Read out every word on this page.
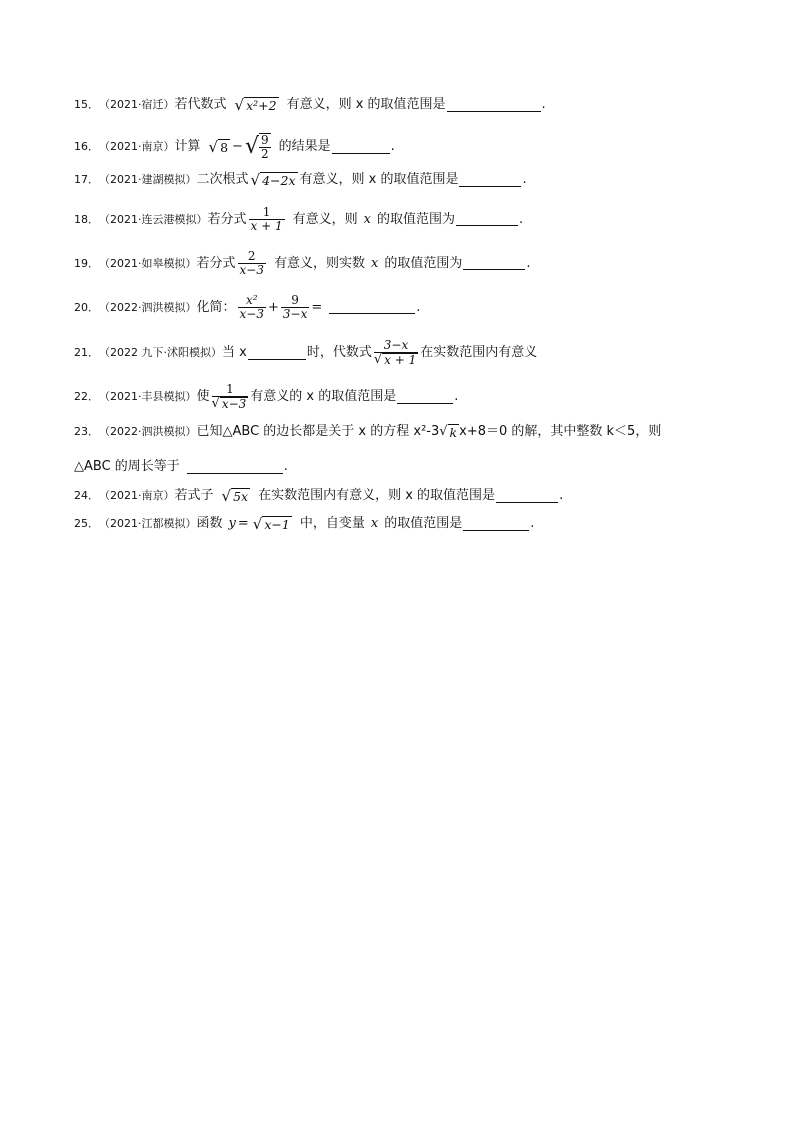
15． （2021·宿迁） 若代数式 √ x²+2 有意义，则 x 的取值范围是	.
16． （2021·南京） 计算 √ 8 − √ $\frac{9}{2}$ 的结果是	.
17． （2021·建湖模拟） 二次根式 √ 4−2x 有意义，则 x 的取值范围是	.
18． （2021·连云港模拟） 若分式 $\frac{1}{x + 1}$ 有意义，则 x 的取值范围为	.
19． （2021·如皋模拟） 若分式 $\frac{2}{x-3}$ 有意义，则实数 x 的取值范围为	.
20． （2022·泗洪模拟） 化简： $\frac{\text{x²}}{x-3} + \frac{9}{3-x}$ =	.
21． （2022 九下·沭阳模拟） 当 x	时，代数式 $\frac{3-x}{√ x + 1}$ 在实数范围内有意义
22． （2021·丰县模拟） 使 $\frac{1}{√ x-3}$ 有意义的 x 的取值范围是	.
23． （2022·泗洪模拟） 已知△ABC 的边长都是关于 x 的方程 x²-3 √ k x+8＝0 的解，其中整数 k＜5，则
△ABC 的周长等于	.
24． （2021·南京） 若式子 √ 5x 在实数范围内有意义，则 x 的取值范围是	.
25． （2021·江都模拟） 函数 y = √ x−1 中，自变量 x 的取值范围是	.
